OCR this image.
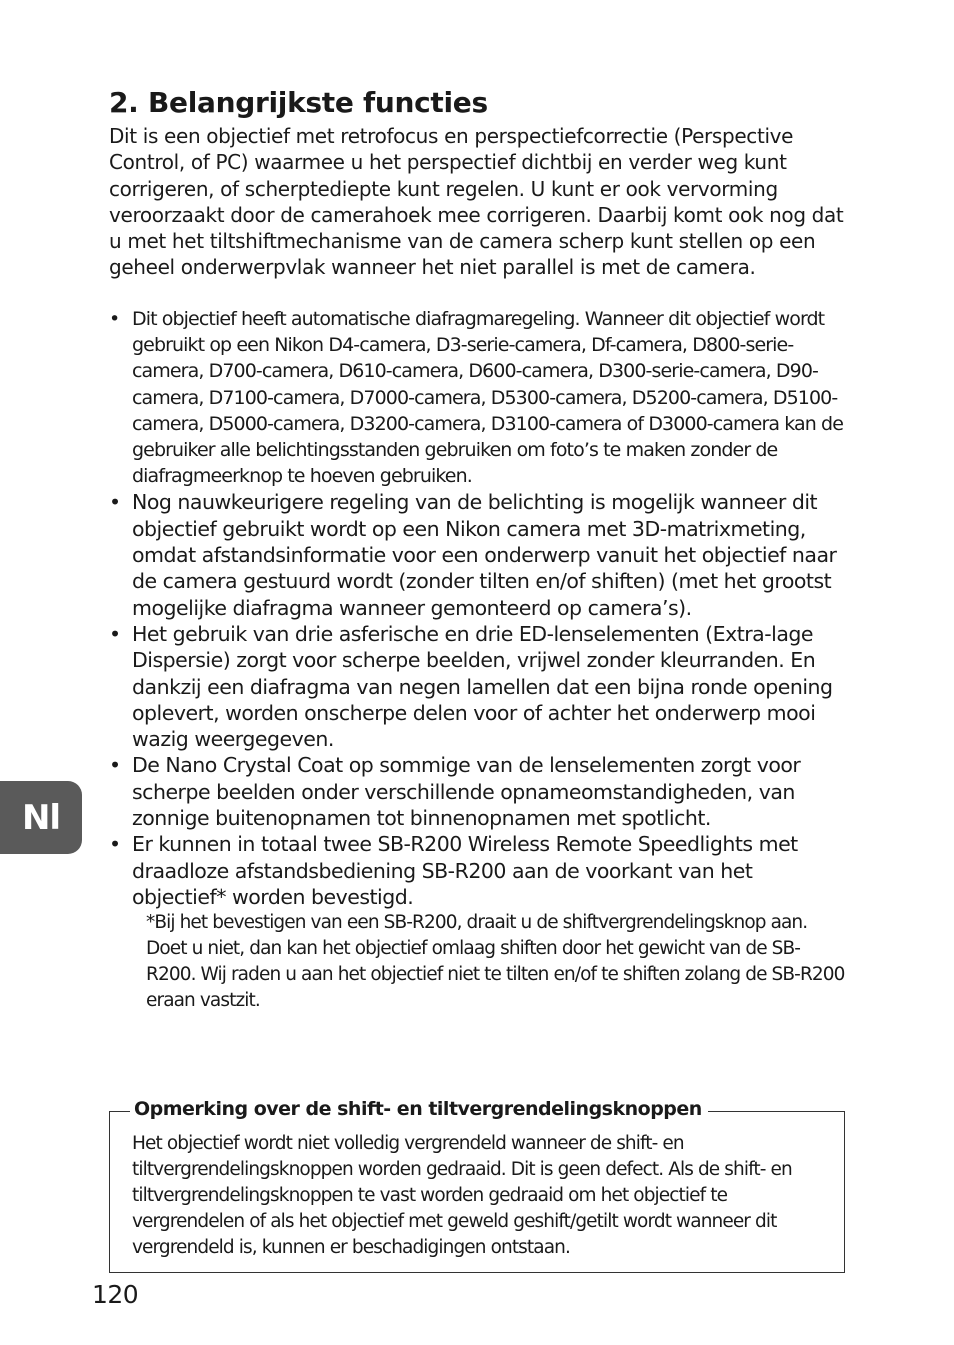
2. Belangrijkste functies

Dit is een objectief met retrofocus en perspectiefcorrectie (Perspective Control, of PC) waarmee u het perspectief dichtbij en verder weg kunt corrigeren, of scherptediepte kunt regelen. U kunt er ook vervorming veroorzaakt door de camerahoek mee corrigeren. Daarbij komt ook nog dat u met het tiltshiftmechanisme van de camera scherp kunt stellen op een geheel onderwerpvlak wanneer het niet parallel is met de camera.

• Dit objectief heeft automatische diafragmaregeling. Wanneer dit objectief wordt gebruikt op een Nikon D4-camera, D3-serie-camera, Df-camera, D800-serie-camera, D700-camera, D610-camera, D600-camera, D300-serie-camera, D90-camera, D7100-camera, D7000-camera, D5300-camera, D5200-camera, D5100-camera, D5000-camera, D3200-camera, D3100-camera of D3000-camera kan de gebruiker alle belichtingsstanden gebruiken om foto’s te maken zonder de diafragmeerknop te hoeven gebruiken.
• Nog nauwkeurigere regeling van de belichting is mogelijk wanneer dit objectief gebruikt wordt op een Nikon camera met 3D-matrixmeting, omdat afstandsinformatie voor een onderwerp vanuit het objectief naar de camera gestuurd wordt (zonder tilten en/of shiften) (met het grootst mogelijke diafragma wanneer gemonteerd op camera’s).
• Het gebruik van drie asferische en drie ED-lenselementen (Extra-lage Dispersie) zorgt voor scherpe beelden, vrijwel zonder kleurranden. En dankzij een diafragma van negen lamellen dat een bijna ronde opening oplevert, worden onscherpe delen voor of achter het onderwerp mooi wazig weergegeven.
• De Nano Crystal Coat op sommige van de lenselementen zorgt voor scherpe beelden onder verschillende opnameomstandigheden, van zonnige buitenopnamen tot binnenopnamen met spotlicht.
• Er kunnen in totaal twee SB-R200 Wireless Remote Speedlights met draadloze afstandsbediening SB-R200 aan de voorkant van het objectief* worden bevestigd.
*Bij het bevestigen van een SB-R200, draait u de shiftvergrendelingsknop aan. Doet u niet, dan kan het objectief omlaag shiften door het gewicht van de SB-R200. Wij raden u aan het objectief niet te tilten en/of te shiften zolang de SB-R200 eraan vastzit.
Opmerking over de shift- en tiltvergrendelingsknoppen

Het objectief wordt niet volledig vergrendeld wanneer de shift- en tiltvergrendelingsknoppen worden gedraaid. Dit is geen defect. Als de shift- en tiltvergrendelingsknoppen te vast worden gedraaid om het objectief te vergrendelen of als het objectief met geweld geshift/getilt wordt wanneer dit vergrendeld is, kunnen er beschadigingen ontstaan.

Nl
120
